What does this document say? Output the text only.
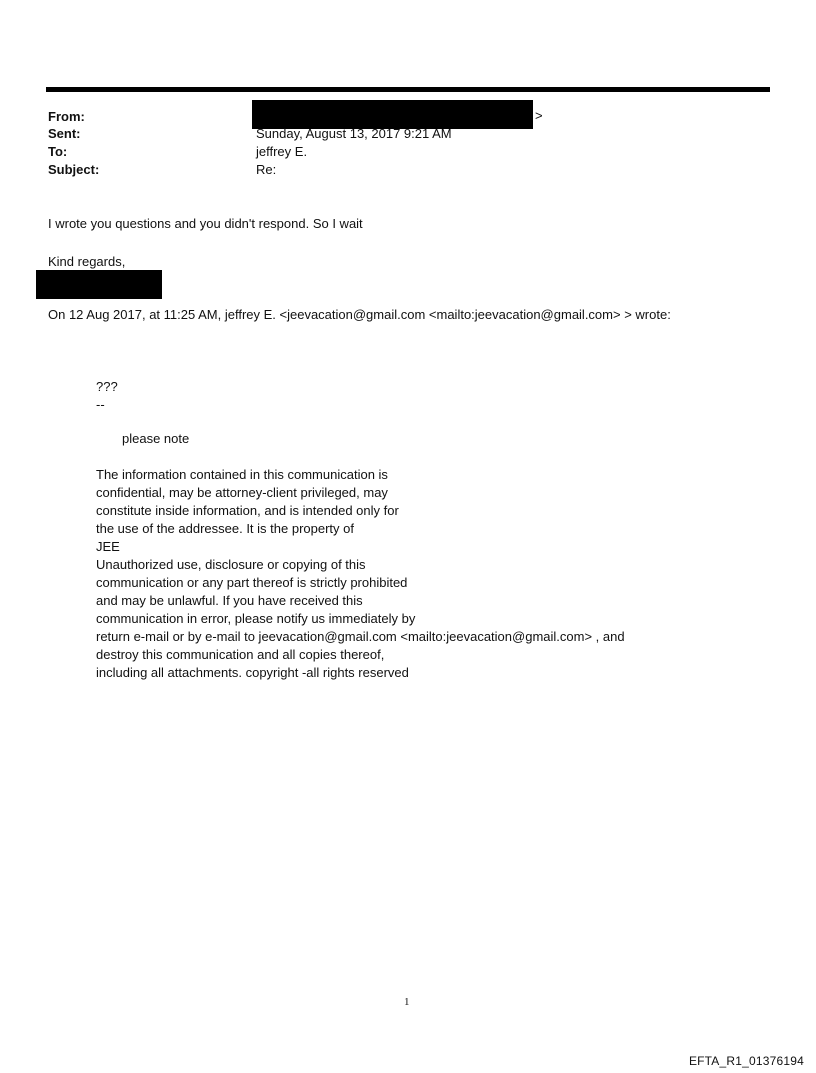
From:	>
Sent:	Sunday, August 13, 2017 9:21 AM
To:	jeffrey E.
Subject:	Re:
I wrote you questions and you didn't respond. So I wait
Kind regards,
On 12 Aug 2017, at 11:25 AM, jeffrey E. <jeevacation@gmail.com <mailto:jeevacation@gmail.com> > wrote:
???
--
please note
The information contained in this communication is
confidential, may be attorney-client privileged, may
constitute inside information, and is intended only for
the use of the addressee. It is the property of
JEE
Unauthorized use, disclosure or copying of this
communication or any part thereof is strictly prohibited
and may be unlawful. If you have received this
communication in error, please notify us immediately by
return e-mail or by e-mail to jeevacation@gmail.com <mailto:jeevacation@gmail.com> , and
destroy this communication and all copies thereof,
including all attachments. copyright -all rights reserved
1
EFTA_R1_01376194
